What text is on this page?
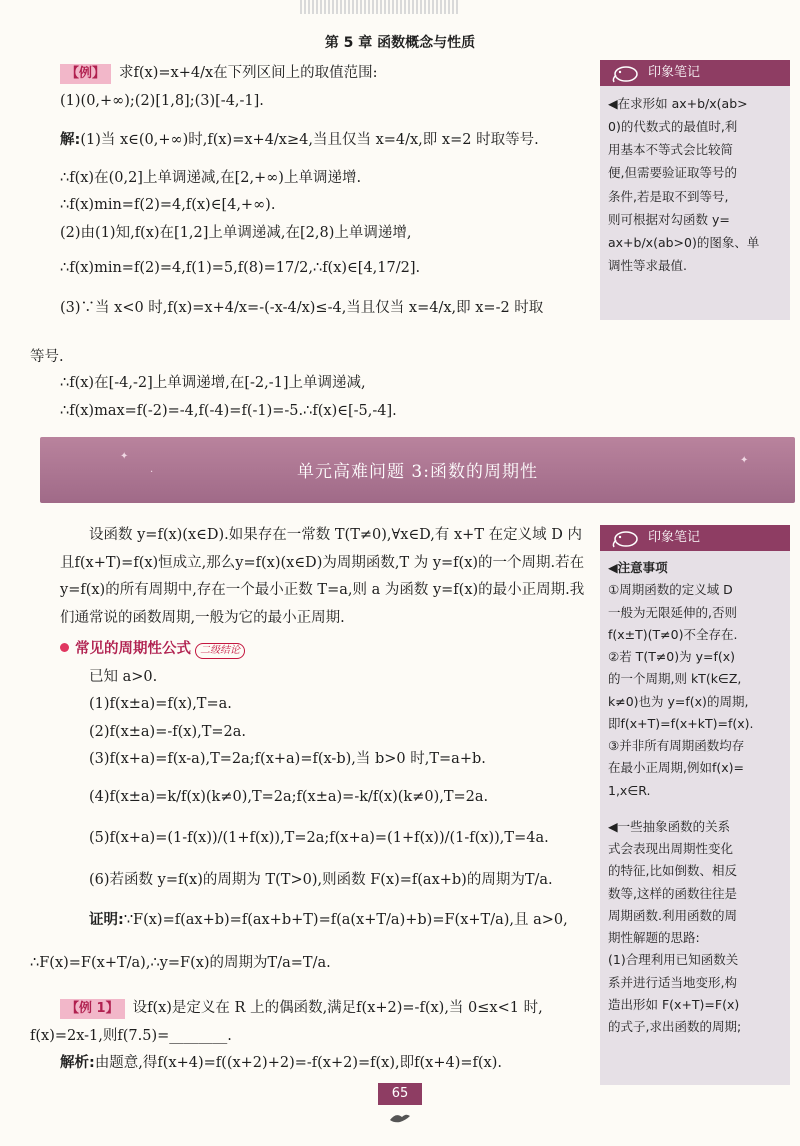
第 5 章 函数概念与性质

【例】 求f(x)=x+4/x在下列区间上的取值范围:

(1)(0,+∞);(2)[1,8];(3)[-4,-1].

解:(1)当 x∈(0,+∞)时,f(x)=x+4/x≥4,当且仅当 x=4/x,即 x=2 时取等号.

∴f(x)在(0,2]上单调递减,在[2,+∞)上单调递增.

∴f(x)min=f(2)=4,f(x)∈[4,+∞).

(2)由(1)知,f(x)在[1,2]上单调递减,在[2,8)上单调递增,

∴f(x)min=f(2)=4,f(1)=5,f(8)=17/2,∴f(x)∈[4,17/2].

(3)∵当 x<0 时,f(x)=x+4/x=-(-x-4/x)≤-4,当且仅当 x=4/x,即 x=-2 时取

等号.

∴f(x)在[-4,-2]上单调递增,在[-2,-1]上单调递减,

∴f(x)max=f(-2)=-4,f(-4)=f(-1)=-5.∴f(x)∈[-5,-4].

印象笔记

◀在求形如 ax+b/x(ab>

0)的代数式的最值时,利

用基本不等式会比较简

便,但需要验证取等号的

条件,若是取不到等号,

则可根据对勾函数 y=

ax+b/x(ab>0)的图象、单

调性等求最值.

✦
·
✦
单元高难问题 3:函数的周期性

设函数 y=f(x)(x∈D).如果存在一常数 T(T≠0),∀x∈D,有 x+T 在定义域 D 内且f(x+T)=f(x)恒成立,那么y=f(x)(x∈D)为周期函数,T 为 y=f(x)的一个周期.若在 y=f(x)的所有周期中,存在一个最小正数 T=a,则 a 为函数 y=f(x)的最小正周期.我们通常说的函数周期,一般为它的最小正周期.

常见的周期性公式 二级结论

已知 a>0.

(1)f(x±a)=f(x),T=a.

(2)f(x±a)=-f(x),T=2a.

(3)f(x+a)=f(x-a),T=2a;f(x+a)=f(x-b),当 b>0 时,T=a+b.

(4)f(x±a)=k/f(x)(k≠0),T=2a;f(x±a)=-k/f(x)(k≠0),T=2a.

(5)f(x+a)=(1-f(x))/(1+f(x)),T=2a;f(x+a)=(1+f(x))/(1-f(x)),T=4a.

(6)若函数 y=f(x)的周期为 T(T>0),则函数 F(x)=f(ax+b)的周期为T/a.

证明:∵F(x)=f(ax+b)=f(ax+b+T)=f(a(x+T/a)+b)=F(x+T/a),且 a>0,

∴F(x)=F(x+T/a),∴y=F(x)的周期为T/a=T/a.

【例 1】 设f(x)是定义在 R 上的偶函数,满足f(x+2)=-f(x),当 0≤x<1 时,

f(x)=2x-1,则f(7.5)=________.

解析:由题意,得f(x+4)=f((x+2)+2)=-f(x+2)=f(x),即f(x+4)=f(x).

印象笔记

◀注意事项

①周期函数的定义域 D

一般为无限延伸的,否则

f(x±T)(T≠0)不全存在.

②若 T(T≠0)为 y=f(x)

的一个周期,则 kT(k∈Z,

k≠0)也为 y=f(x)的周期,

即f(x+T)=f(x+kT)=f(x).

③并非所有周期函数均存

在最小正周期,例如f(x)=

1,x∈R.

◀一些抽象函数的关系

式会表现出周期性变化

的特征,比如倒数、相反

数等,这样的函数往往是

周期函数.利用函数的周

期性解题的思路:

(1)合理利用已知函数关

系并进行适当地变形,构

造出形如 F(x+T)=F(x)

的式子,求出函数的周期;

65
